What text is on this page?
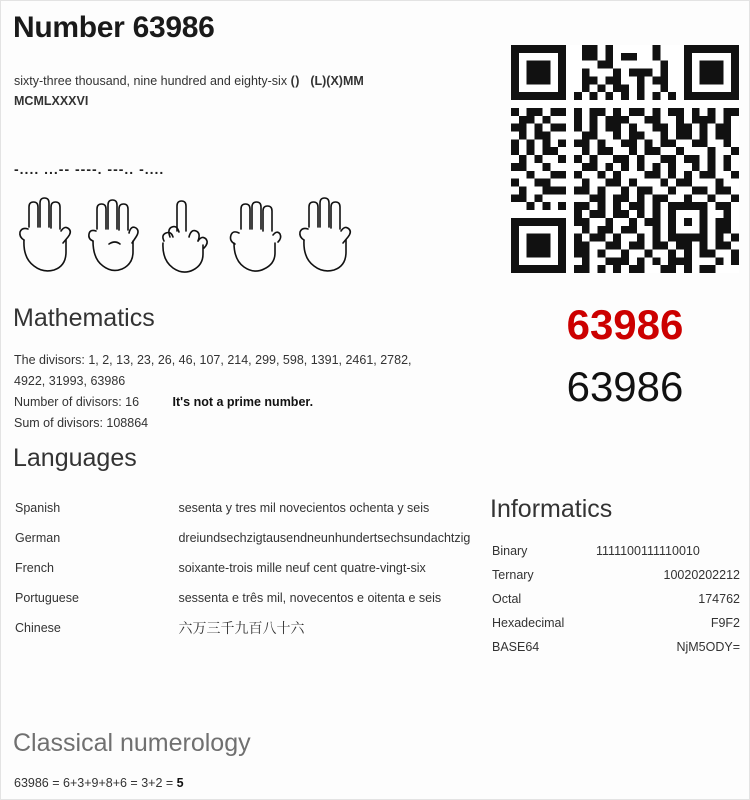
Number 63986
sixty-three thousand, nine hundred and eighty-six () (L)(X)MM
MCMLXXXVI
-.... ...-- ----. ---.. -....
63986
63986
Mathematics
The divisors: 1, 2, 13, 23, 26, 46, 107, 214, 299, 598, 1391, 2461, 2782, 4922, 31993, 63986
Number of divisors: 16	It's not a prime number.
Sum of divisors: 108864
Languages
Spanish	sesenta y tres mil novecientos ochenta y seis
German	dreiundsechzigtausendneunhundertsechsundachtzig
French	soixante-trois mille neuf cent quatre-vingt-six
Portuguese	sessenta e três mil, novecentos e oitenta e seis
Chinese	六万三千九百八十六
Informatics
Binary	1111100111110010
Ternary	10020202212
Octal	174762
Hexadecimal	F9F2
BASE64	NjM5ODY=
Classical numerology
63986 = 6+3+9+8+6 = 3+2 = 5
